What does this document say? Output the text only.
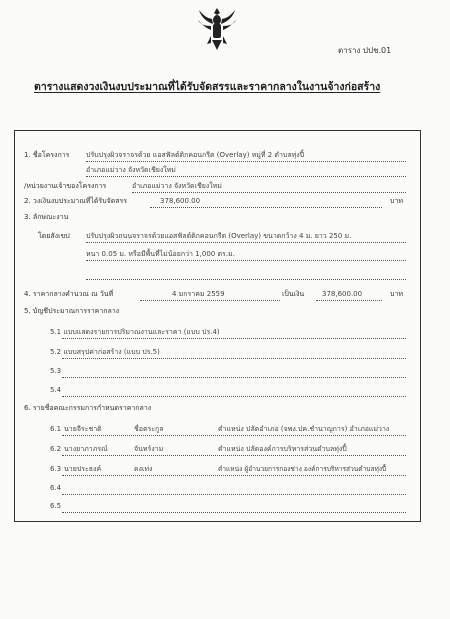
ตาราง ปปช.01
ตารางแสดงวงเงินงบประมาณที่ได้รับจัดสรรและราคากลางในงานจ้างก่อสร้าง
1. ชื่อโครงการ ปรับปรุงผิวจราจรด้วย แอสฟัลต์ติกคอนกรีต (Overlay) หมู่ที่ 2 ตำบลทุ่งปี้
อำเภอแม่วาง จังหวัดเชียงใหม่
/หน่วยงานเจ้าของโครงการ	อำเภอแม่วาง จังหวัดเชียงใหม่
2. วงเงินงบประมาณที่ได้รับจัดสรร	378,600.00	บาท
3. ลักษณะงาน
โดยสังเขป ปรับปรุงผิวถนนจราจรด้วยแอสฟัลต์ติกคอนกรีต (Overlay) ขนาดกว้าง 4 ม. ยาว 250 ม.
หนา 0.05 ม. หรือมีพื้นที่ไม่น้อยกว่า 1,000 ตร.ม.
4. ราคากลางคำนวณ ณ วันที่	4 มกราคม 2559	เป็นเงิน	378,600.00	บาท
5. บัญชีประมาณการราคากลาง
5.1 แบบแสดงรายการปริมาณงานและราคา (แบบ ปร.4)
5.2 แบบสรุปค่าก่อสร้าง (แบบ ปร.5)
5.3
5.4
6. รายชื่อคณะกรรมการกำหนดราคากลาง
6.1 นายจีระชาติ	ชื่อตระกูล	ตำแหน่ง ปลัดอำเภอ (จพง.ปค.ชำนาญการ) อำเภอแม่วาง
6.2 นางยาภาภรณ์	จันทร์งาม	ตำแหน่ง ปลัดองค์การบริหารส่วนตำบลทุ่งปี้
6.3 นายประธงค์	ดงเท่ง	ตำแหน่ง ผู้อำนวยการกองช่าง องค์การบริหารส่วนตำบลทุ่งปี้
6.4
6.5
